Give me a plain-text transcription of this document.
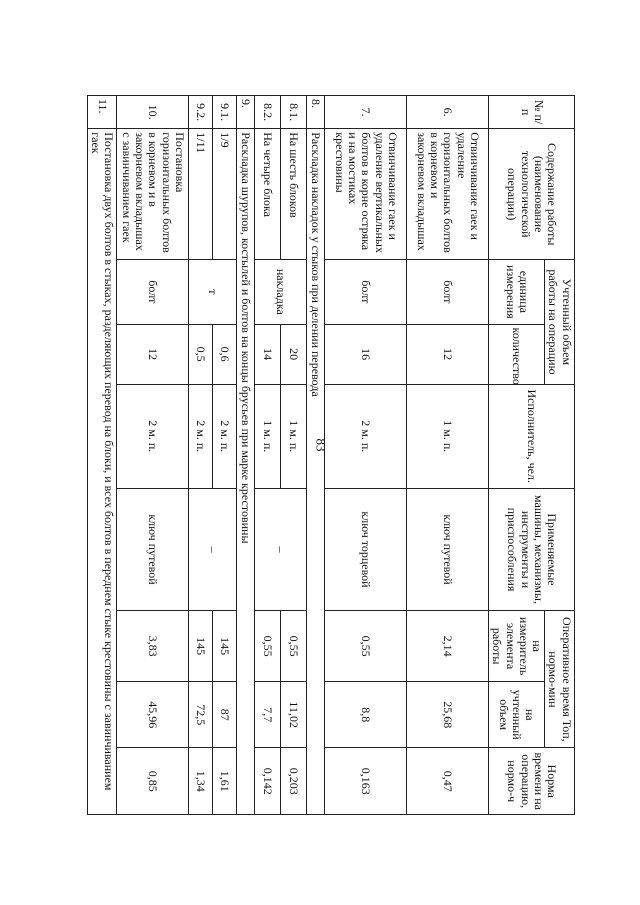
83
№ п/п	Содержание работы (наименование технологической операции)	Учтенный объем работы на операцию		Исполнитель, чел.	Применяемые машины, механизмы, инструменты и приспособления	Оперативное время Топ, нормо-мин		Норма времени на операцию, нормо-ч
		единица измерения	количество			на измеритель элемента работы	на учтенный объем	
6.	Отвинчивание гаек и удаление горизонтальных болтов в корневом и закорневом вкладышах	болт	12	1 м. п.	ключ путевой	2,14	25,68	0,47
7.	Отвинчивание гаек и удаление вертикальных болтов в корне остряка и на мостиках крестовины	болт	16	2 м. п.	ключ торцевой	0,55	8,8	0,163
8.	Раскладка накладок у стыков при делении перевода							
8.1.	На шесть блоков	накладка	20	1 м. п.	–	0,55	11,02	0,203
8.2.	На четыре блока		14	1 м. п.		0,55	7,7	0,142
9.	Раскладка шурупов, костылей и болтов на концы брусьев при марке крестовины							
9.1.	1/9	т	0,6	2 м. п.	–	145	87	1,61
9.2.	1/11		0,5	2 м. п.		145	72,5	1,34
10.	Постановка горизонтальных болтов в корневом и в закорневом вкладышах с завинчиванием гаек	болт	12	2 м. п.	ключ путевой	3,83	45,96	0,85
11.	Постановка двух болтов в стыках, разделяющих перевод на блоки, и всех болтов в переднем стыке крестовины с завинчиванием гаек							
